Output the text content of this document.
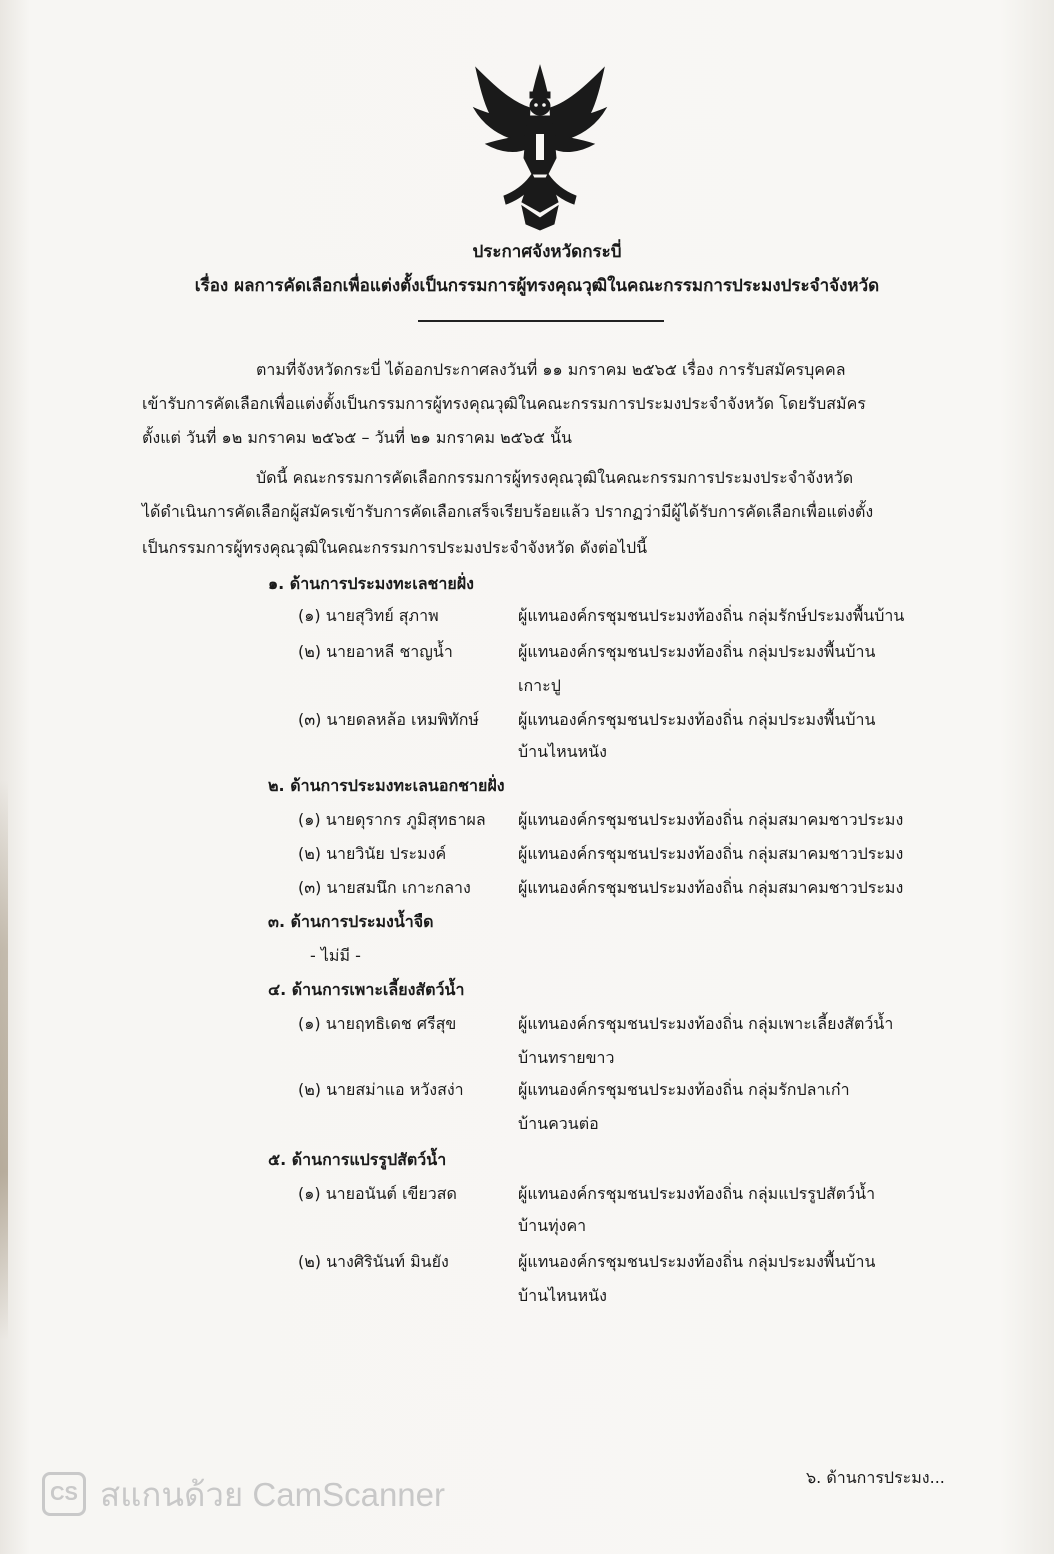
ประกาศจังหวัดกระบี่
เรื่อง ผลการคัดเลือกเพื่อแต่งตั้งเป็นกรรมการผู้ทรงคุณวุฒิในคณะกรรมการประมงประจำจังหวัด
ตามที่จังหวัดกระบี่ ได้ออกประกาศลงวันที่ ๑๑ มกราคม ๒๕๖๕ เรื่อง การรับสมัครบุคคล
เข้ารับการคัดเลือกเพื่อแต่งตั้งเป็นกรรมการผู้ทรงคุณวุฒิในคณะกรรมการประมงประจำจังหวัด โดยรับสมัคร
ตั้งแต่ วันที่ ๑๒ มกราคม ๒๕๖๕ – วันที่ ๒๑ มกราคม ๒๕๖๕ นั้น
บัดนี้ คณะกรรมการคัดเลือกกรรมการผู้ทรงคุณวุฒิในคณะกรรมการประมงประจำจังหวัด
ได้ดำเนินการคัดเลือกผู้สมัครเข้ารับการคัดเลือกเสร็จเรียบร้อยแล้ว ปรากฏว่ามีผู้ได้รับการคัดเลือกเพื่อแต่งตั้ง
เป็นกรรมการผู้ทรงคุณวุฒิในคณะกรรมการประมงประจำจังหวัด ดังต่อไปนี้
๑. ด้านการประมงทะเลชายฝั่ง
(๑) นายสุวิทย์ สุภาพ	ผู้แทนองค์กรชุมชนประมงท้องถิ่น กลุ่มรักษ์ประมงพื้นบ้าน
(๒) นายอาหลี ชาญน้ำ	ผู้แทนองค์กรชุมชนประมงท้องถิ่น กลุ่มประมงพื้นบ้าน
เกาะปู
(๓) นายดลหล้อ เหมพิทักษ์ ผู้แทนองค์กรชุมชนประมงท้องถิ่น กลุ่มประมงพื้นบ้าน
บ้านไหนหนัง
๒. ด้านการประมงทะเลนอกชายฝั่ง
(๑) นายดุรากร ภูมิสุทธาผล ผู้แทนองค์กรชุมชนประมงท้องถิ่น กลุ่มสมาคมชาวประมง
(๒) นายวินัย ประมงค์	ผู้แทนองค์กรชุมชนประมงท้องถิ่น กลุ่มสมาคมชาวประมง
(๓) นายสมนึก เกาะกลาง	ผู้แทนองค์กรชุมชนประมงท้องถิ่น กลุ่มสมาคมชาวประมง
๓. ด้านการประมงน้ำจืด
- ไม่มี -
๔. ด้านการเพาะเลี้ยงสัตว์น้ำ
(๑) นายฤทธิเดช ศรีสุข	ผู้แทนองค์กรชุมชนประมงท้องถิ่น กลุ่มเพาะเลี้ยงสัตว์น้ำ
บ้านทรายขาว
(๒) นายสม่าแอ หวังสง่า	ผู้แทนองค์กรชุมชนประมงท้องถิ่น กลุ่มรักปลาเก๋า
บ้านควนต่อ
๕. ด้านการแปรรูปสัตว์น้ำ
(๑) นายอนันต์ เขียวสด	ผู้แทนองค์กรชุมชนประมงท้องถิ่น กลุ่มแปรรูปสัตว์น้ำ
บ้านทุ่งคา
(๒) นางศิรินันท์ มินยัง	ผู้แทนองค์กรชุมชนประมงท้องถิ่น กลุ่มประมงพื้นบ้าน
บ้านไหนหนัง
๖. ด้านการประมง...
CS สแกนด้วย CamScanner
